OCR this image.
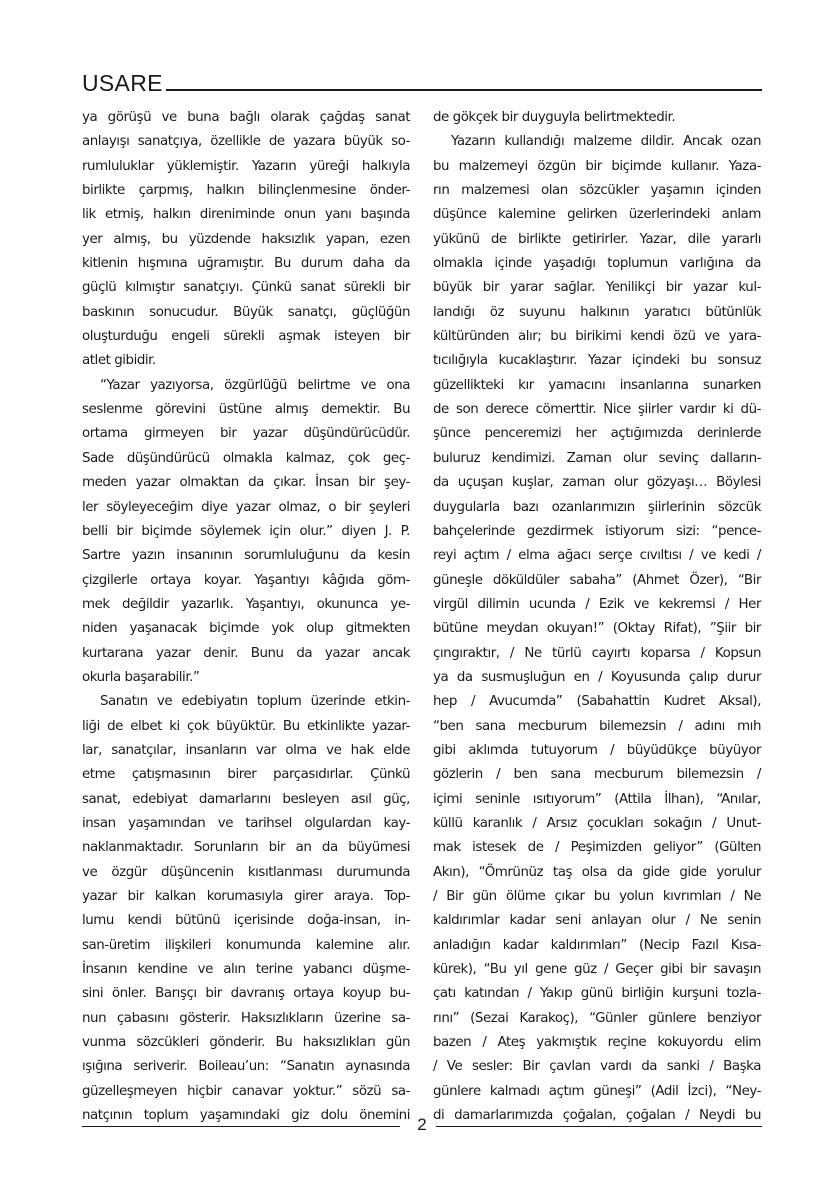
USARE
ya görüşü ve buna bağlı olarak çağdaş sanat
anlayışı sanatçıya, özellikle de yazara büyük so-
rumluluklar yüklemiştir. Yazarın yüreği halkıyla
birlikte çarpmış, halkın bilinçlenmesine önder-
lik etmiş, halkın direniminde onun yanı başında
yer almış, bu yüzdende haksızlık yapan, ezen
kitlenin hışmına uğramıştır. Bu durum daha da
güçlü kılmıştır sanatçıyı. Çünkü sanat sürekli bir
baskının sonucudur. Büyük sanatçı, güçlüğün
oluşturduğu engeli sürekli aşmak isteyen bir
atlet gibidir.
“Yazar yazıyorsa, özgürlüğü belirtme ve ona
seslenme görevini üstüne almış demektir. Bu
ortama girmeyen bir yazar düşündürücüdür.
Sade düşündürücü olmakla kalmaz, çok geç-
meden yazar olmaktan da çıkar. İnsan bir şey-
ler söyleyeceğim diye yazar olmaz, o bir şeyleri
belli bir biçimde söylemek için olur.” diyen J. P.
Sartre yazın insanının sorumluluğunu da kesin
çizgilerle ortaya koyar. Yaşantıyı kâğıda göm-
mek değildir yazarlık. Yaşantıyı, okununca ye-
niden yaşanacak biçimde yok olup gitmekten
kurtarana yazar denir. Bunu da yazar ancak
okurla başarabilir.”
Sanatın ve edebiyatın toplum üzerinde etkin-
liği de elbet ki çok büyüktür. Bu etkinlikte yazar-
lar, sanatçılar, insanların var olma ve hak elde
etme çatışmasının birer parçasıdırlar. Çünkü
sanat, edebiyat damarlarını besleyen asıl güç,
insan yaşamından ve tarihsel olgulardan kay-
naklanmaktadır. Sorunların bir an da büyümesi
ve özgür düşüncenin kısıtlanması durumunda
yazar bir kalkan korumasıyla girer araya. Top-
lumu kendi bütünü içerisinde doğa-insan, in-
san-üretim ilişkileri konumunda kalemine alır.
İnsanın kendine ve alın terine yabancı düşme-
sini önler. Barışçı bir davranış ortaya koyup bu-
nun çabasını gösterir. Haksızlıkların üzerine sa-
vunma sözcükleri gönderir. Bu haksızlıkları gün
ışığına seriverir. Boileau’un: “Sanatın aynasında
güzelleşmeyen hiçbir canavar yoktur.” sözü sa-
natçının toplum yaşamındaki giz dolu önemini
de gökçek bir duyguyla belirtmektedir.
Yazarın kullandığı malzeme dildir. Ancak ozan
bu malzemeyi özgün bir biçimde kullanır. Yaza-
rın malzemesi olan sözcükler yaşamın içinden
düşünce kalemine gelirken üzerlerindeki anlam
yükünü de birlikte getirirler. Yazar, dile yararlı
olmakla içinde yaşadığı toplumun varlığına da
büyük bir yarar sağlar. Yenilikçi bir yazar kul-
landığı öz suyunu halkının yaratıcı bütünlük
kültüründen alır; bu birikimi kendi özü ve yara-
tıcılığıyla kucaklaştırır. Yazar içindeki bu sonsuz
güzellikteki kır yamacını insanlarına sunarken
de son derece cömerttir. Nice şiirler vardır ki dü-
şünce penceremizi her açtığımızda derinlerde
buluruz kendimizi. Zaman olur sevinç dalların-
da uçuşan kuşlar, zaman olur gözyaşı… Böylesi
duygularla bazı ozanlarımızın şiirlerinin sözcük
bahçelerinde gezdirmek istiyorum sizi: “pence-
reyi açtım / elma ağacı serçe cıvıltısı / ve kedi /
güneşle döküldüler sabaha” (Ahmet Özer), “Bir
virgül dilimin ucunda / Ezik ve kekremsi / Her
bütüne meydan okuyan!” (Oktay Rifat), ”Şiir bir
çıngıraktır, / Ne türlü cayırtı koparsa / Kopsun
ya da susmuşluğun en / Koyusunda çalıp durur
hep / Avucumda” (Sabahattin Kudret Aksal),
“ben sana mecburum bilemezsin / adını mıh
gibi aklımda tutuyorum / büyüdükçe büyüyor
gözlerin / ben sana mecburum bilemezsin /
içimi seninle ısıtıyorum” (Attila İlhan), “Anılar,
küllü karanlık / Arsız çocukları sokağın / Unut-
mak istesek de / Peşimizden geliyor” (Gülten
Akın), “Ömrünüz taş olsa da gide gide yorulur
/ Bir gün ölüme çıkar bu yolun kıvrımları / Ne
kaldırımlar kadar seni anlayan olur / Ne senin
anladığın kadar kaldırımları” (Necip Fazıl Kısa-
kürek), “Bu yıl gene güz / Geçer gibi bir savaşın
çatı katından / Yakıp günü birliğin kurşuni tozla-
rını” (Sezai Karakoç), “Günler günlere benziyor
bazen / Ateş yakmıştık reçine kokuyordu elim
/ Ve sesler: Bir çavlan vardı da sanki / Başka
günlere kalmadı açtım güneşi” (Adil İzci), “Ney-
di damarlarımızda çoğalan, çoğalan / Neydi bu
2
